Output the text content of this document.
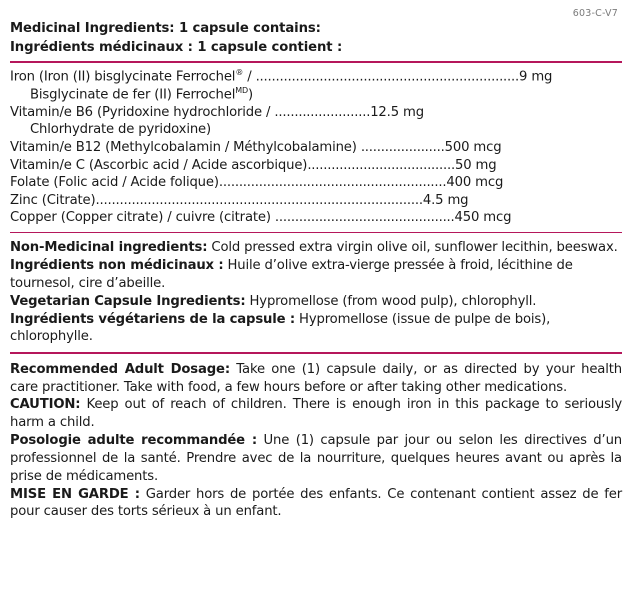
603-C-V7
Medicinal Ingredients: 1 capsule contains:
Ingrédients médicinaux : 1 capsule contient :
Iron (Iron (II) bisglycinate Ferrochel® / ..................................................................9 mg
Bisglycinate de fer (II) Ferrochel$^{MD}$)
Vitamin/e B6 (Pyridoxine hydrochloride / ........................12.5 mg
Chlorhydrate de pyridoxine)
Vitamin/e B12 (Methylcobalamin / Méthylcobalamine) .....................500 mcg
Vitamin/e C (Ascorbic acid / Acide ascorbique).....................................50 mg
Folate (Folic acid / Acide folique).........................................................400 mcg
Zinc (Citrate)..................................................................................4.5 mg
Copper (Copper citrate) / cuivre (citrate) .............................................450 mcg

Non-Medicinal ingredients: Cold pressed extra virgin olive oil, sunflower lecithin, beeswax.

Ingrédients non médicinaux : Huile d’olive extra-vierge pressée à froid, lécithine de tournesol, cire d’abeille.

Vegetarian Capsule Ingredients: Hypromellose (from wood pulp), chlorophyll.

Ingrédients végétariens de la capsule : Hypromellose (issue de pulpe de bois), chlorophylle.

Recommended Adult Dosage: Take one (1) capsule daily, or as directed by your health care practitioner. Take with food, a few hours before or after taking other medications.

CAUTION: Keep out of reach of children. There is enough iron in this package to seriously harm a child.

Posologie adulte recommandée : Une (1) capsule par jour ou selon les directives d’un professionnel de la santé. Prendre avec de la nourriture, quelques heures avant ou après la prise de médicaments.

MISE EN GARDE : Garder hors de portée des enfants. Ce contenant contient assez de fer pour causer des torts sérieux à un enfant.
